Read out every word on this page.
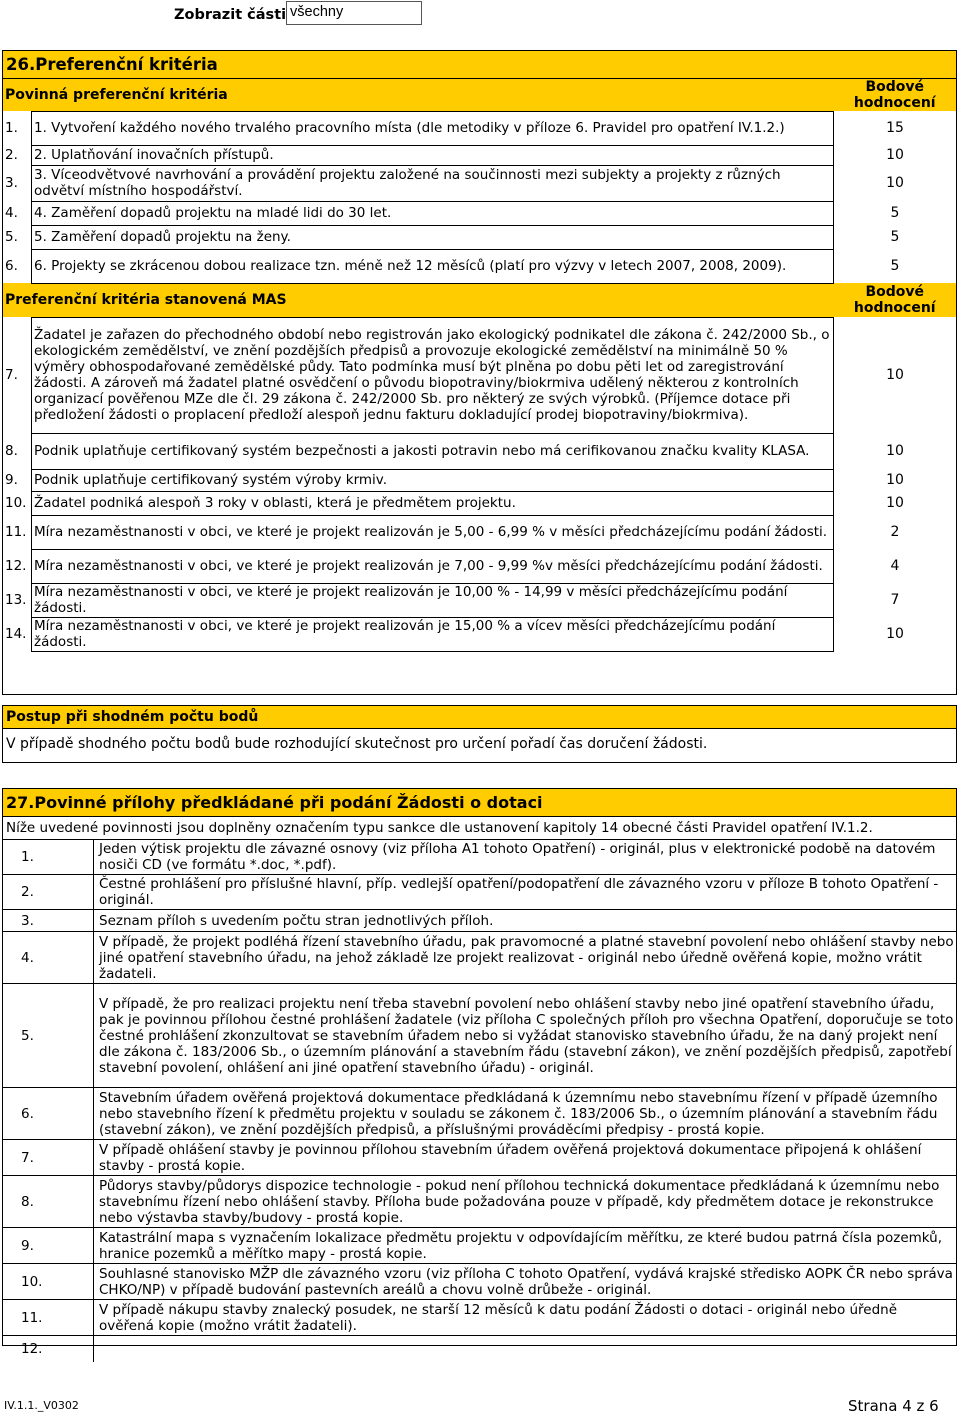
Zobrazit části všechny
26.Preferenční kritéria
Povinná preferenční kritéria		Bodové hodnocení
1.	1. Vytvoření každého nového trvalého pracovního místa (dle metodiky v příloze 6. Pravidel pro opatření IV.1.2.)	15
2.	2. Uplatňování inovačních přístupů.	10
3.	3. Víceodvětvové navrhování a provádění projektu založené na součinnosti mezi subjekty a projekty z různých odvětví místního hospodářství.	10
4.	4. Zaměření dopadů projektu na mladé lidi do 30 let.	5
5.	5. Zaměření dopadů projektu na ženy.	5
6.	6. Projekty se zkrácenou dobou realizace tzn. méně než 12 měsíců (platí pro výzvy v letech 2007, 2008, 2009).	5
Preferenční kritéria stanovená MAS		Bodové hodnocení
7.	Žadatel je zařazen do přechodného období nebo registrován jako ekologický podnikatel dle zákona č. 242/2000 Sb., o ekologickém zemědělství, ve znění pozdějších předpisů a provozuje ekologické zemědělství na minimálně 50 % výměry obhospodařované zemědělské půdy. Tato podmínka musí být plněna po dobu pěti let od zaregistrování žádosti. A zároveň má žadatel platné osvědčení o původu biopotraviny/biokrmiva udělený některou z kontrolních organizací pověřenou MZe dle čl. 29 zákona č. 242/2000 Sb. pro některý ze svých výrobků. (Příjemce dotace při předložení žádosti o proplacení předloží alespoň jednu fakturu dokladující prodej biopotraviny/biokrmiva).	10
8.	Podnik uplatňuje certifikovaný systém bezpečnosti a jakosti potravin nebo má cerifikovanou značku kvality KLASA.	10
9.	Podnik uplatňuje certifikovaný systém výroby krmiv.	10
10.	Žadatel podniká alespoň 3 roky v oblasti, která je předmětem projektu.	10
11.	Míra nezaměstnanosti v obci, ve které je projekt realizován je 5,00 - 6,99 % v měsíci předcházejícímu podání žádosti.	2
12.	Míra nezaměstnanosti v obci, ve které je projekt realizován je 7,00 - 9,99 %v měsíci předcházejícímu podání žádosti.	4
13.	Míra nezaměstnanosti v obci, ve které je projekt realizován je 10,00 % - 14,99 v měsíci předcházejícímu podání žádosti.	7
14.	Míra nezaměstnanosti v obci, ve které je projekt realizován je 15,00 % a vícev měsíci předcházejícímu podání žádosti.	10
Postup při shodném počtu bodů
V případě shodného počtu bodů bude rozhodující skutečnost pro určení pořadí čas doručení žádosti.
27.Povinné přílohy předkládané při podání Žádosti o dotaci
Níže uvedené povinnosti jsou doplněny označením typu sankce dle ustanovení kapitoly 14 obecné části Pravidel opatření IV.1.2.
1.	Jeden výtisk projektu dle závazné osnovy (viz příloha A1 tohoto Opatření) - originál, plus v elektronické podobě na datovém nosiči CD (ve formátu *.doc, *.pdf).
2.	Čestné prohlášení pro příslušné hlavní, příp. vedlejší opatření/podopatření dle závazného vzoru v příloze B tohoto Opatření - originál.
3.	Seznam příloh s uvedením počtu stran jednotlivých příloh.
4.	V případě, že projekt podléhá řízení stavebního úřadu, pak pravomocné a platné stavební povolení nebo ohlášení stavby nebo jiné opatření stavebního úřadu, na jehož základě lze projekt realizovat - originál nebo úředně ověřená kopie, možno vrátit žadateli.
5.	V případě, že pro realizaci projektu není třeba stavební povolení nebo ohlášení stavby nebo jiné opatření stavebního úřadu, pak je povinnou přílohou čestné prohlášení žadatele (viz příloha C společných příloh pro všechna Opatření, doporučuje se toto čestné prohlášení zkonzultovat se stavebním úřadem nebo si vyžádat stanovisko stavebního úřadu, že na daný projekt není dle zákona č. 183/2006 Sb., o územním plánování a stavebním řádu (stavební zákon), ve znění pozdějších předpisů, zapotřebí stavební povolení, ohlášení ani jiné opatření stavebního úřadu) - originál.
6.	Stavebním úřadem ověřená projektová dokumentace předkládaná k územnímu nebo stavebnímu řízení v případě územního nebo stavebního řízení k předmětu projektu v souladu se zákonem č. 183/2006 Sb., o územním plánování a stavebním řádu (stavební zákon), ve znění pozdějších předpisů, a příslušnými prováděcími předpisy - prostá kopie.
7.	V případě ohlášení stavby je povinnou přílohou stavebním úřadem ověřená projektová dokumentace připojená k ohlášení stavby - prostá kopie.
8.	Půdorys stavby/půdorys dispozice technologie - pokud není přílohou technická dokumentace předkládaná k územnímu nebo stavebnímu řízení nebo ohlášení stavby. Příloha bude požadována pouze v případě, kdy předmětem dotace je rekonstrukce nebo výstavba stavby/budovy - prostá kopie.
9.	Katastrální mapa s vyznačením lokalizace předmětu projektu v odpovídajícím měřítku, ze které budou patrná čísla pozemků, hranice pozemků a měřítko mapy - prostá kopie.
10.	Souhlasné stanovisko MŽP dle závazného vzoru (viz příloha C tohoto Opatření, vydává krajské středisko AOPK ČR nebo správa CHKO/NP) v případě budování pastevních areálů a chovu volně drůbeže - originál.
11.	V případě nákupu stavby znalecký posudek, ne starší 12 měsíců k datu podání Žádosti o dotaci - originál nebo úředně ověřená kopie (možno vrátit žadateli).
12.	
IV.1.1._V0302	Strana 4 z 6
